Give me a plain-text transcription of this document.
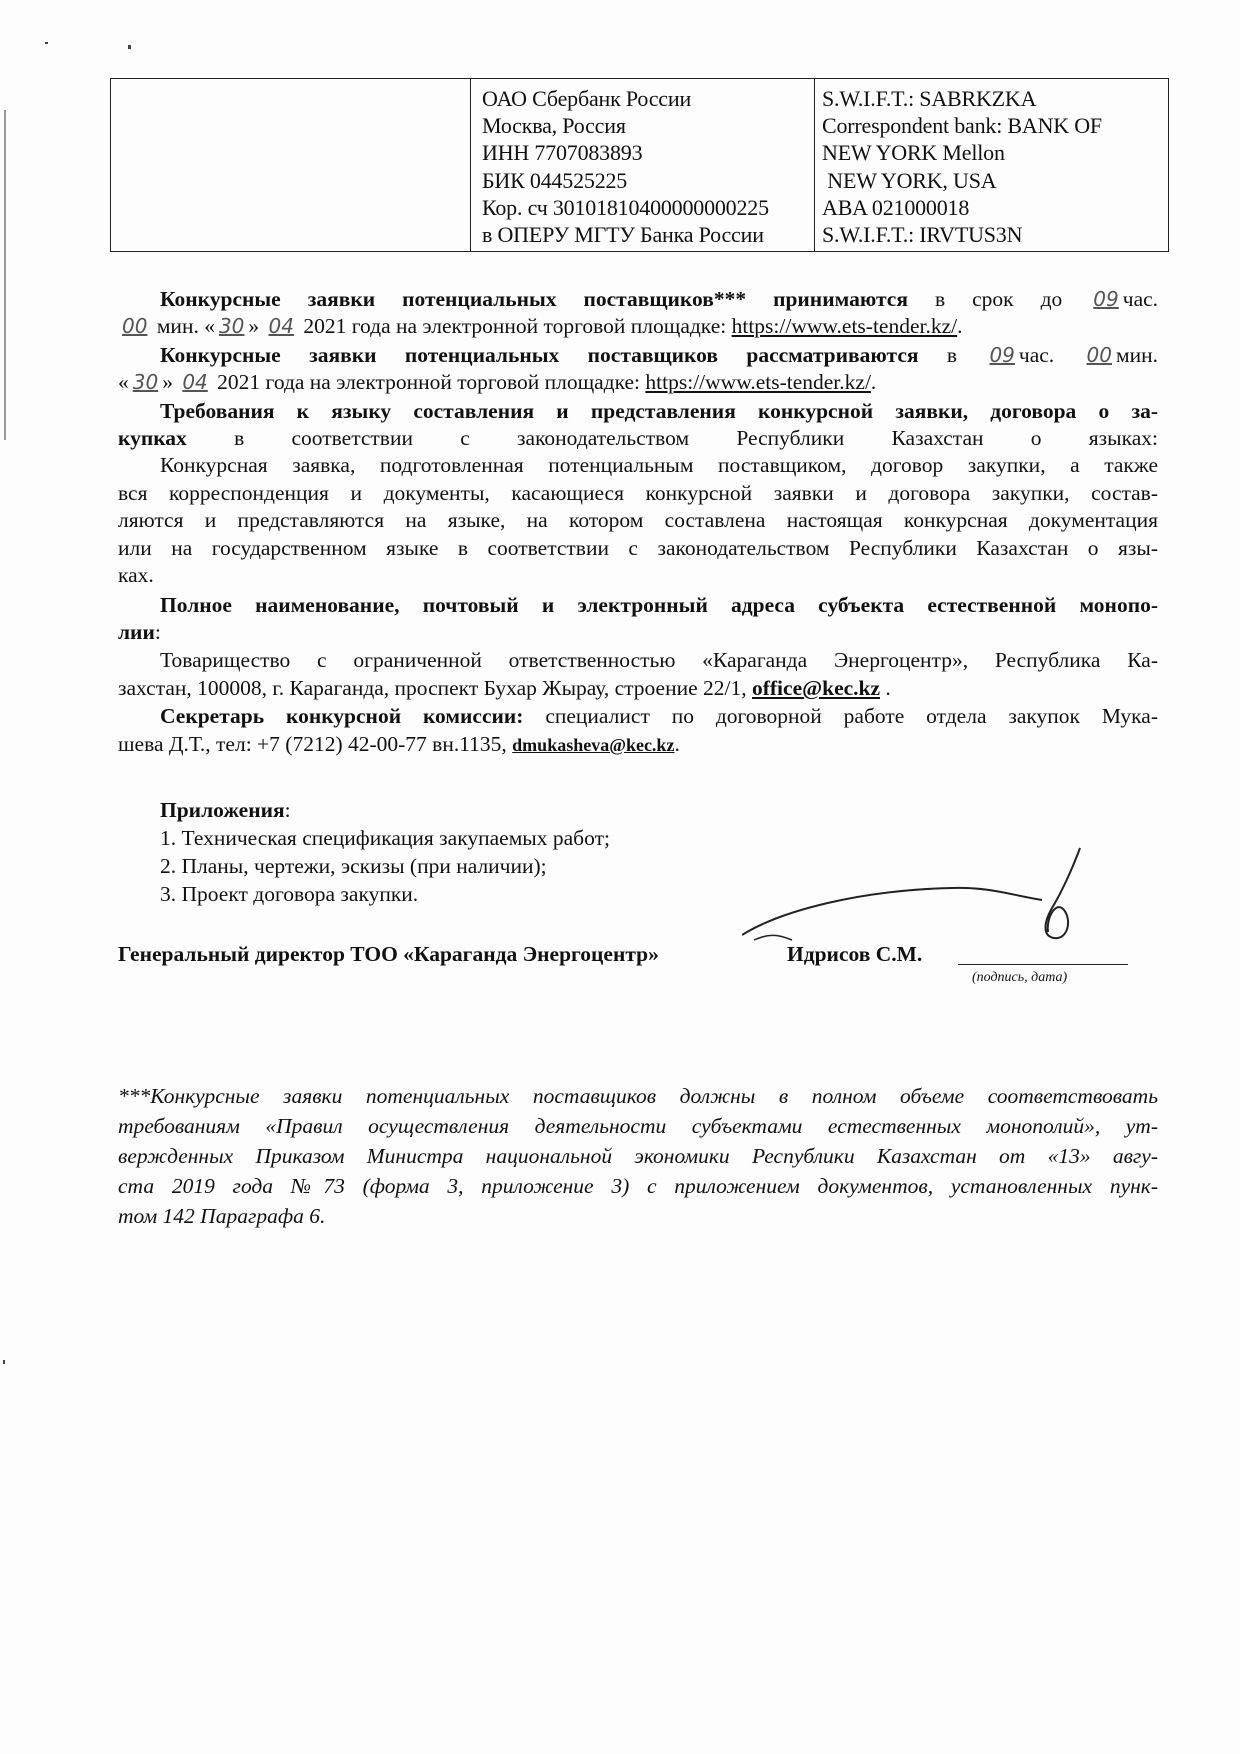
ОАО Сбербанк России
Москва, Россия
ИНН 7707083893
БИК 044525225
Кор. сч 30101810400000000225
в ОПЕРУ МГТУ Банка России
S.W.I.F.T.: SABRKZKA
Correspondent bank: BANK OF
NEW YORK Mellon
NEW YORK, USA
ABA 021000018
S.W.I.F.T.: IRVTUS3N
Конкурсные заявки потенциальных поставщиков*** принимаются в срок до 09 час.
00 мин. « 30 » 04 2021 года на электронной торговой площадке: https://www.ets-tender.kz/.
Конкурсные заявки потенциальных поставщиков рассматриваются в 09 час. 00 мин.
« 30 » 04 2021 года на электронной торговой площадке: https://www.ets-tender.kz/.
Требования к языку составления и представления конкурсной заявки, договора о за-
купках в соответствии с законодательством Республики Казахстан о языках:
Конкурсная заявка, подготовленная потенциальным поставщиком, договор закупки, а также
вся корреспонденция и документы, касающиеся конкурсной заявки и договора закупки, состав-
ляются и представляются на языке, на котором составлена настоящая конкурсная документация
или на государственном языке в соответствии с законодательством Республики Казахстан о язы-
ках.
Полное наименование, почтовый и электронный адреса субъекта естественной монопо-
лии:
Товарищество с ограниченной ответственностью «Караганда Энергоцентр», Республика Ка-
захстан, 100008, г. Караганда, проспект Бухар Жырау, строение 22/1, office@kec.kz .
Секретарь конкурсной комиссии: специалист по договорной работе отдела закупок Мука-
шева Д.Т., тел: +7 (7212) 42-00-77 вн.1135, dmukasheva@kec.kz.
Приложения:
1. Техническая спецификация закупаемых работ;
2. Планы, чертежи, эскизы (при наличии);
3. Проект договора закупки.
Генеральный директор ТОО «Караганда Энергоцентр»	Идрисов С.М.
(подпись, дата)
***Конкурсные заявки потенциальных поставщиков должны в полном объеме соответствовать
требованиям «Правил осуществления деятельности субъектами естественных монополий», ут-
вержденных Приказом Министра национальной экономики Республики Казахстан от «13» авгу-
ста 2019 года №73 (форма 3, приложение 3) с приложением документов, установленных пунк-
том 142 Параграфа 6.
